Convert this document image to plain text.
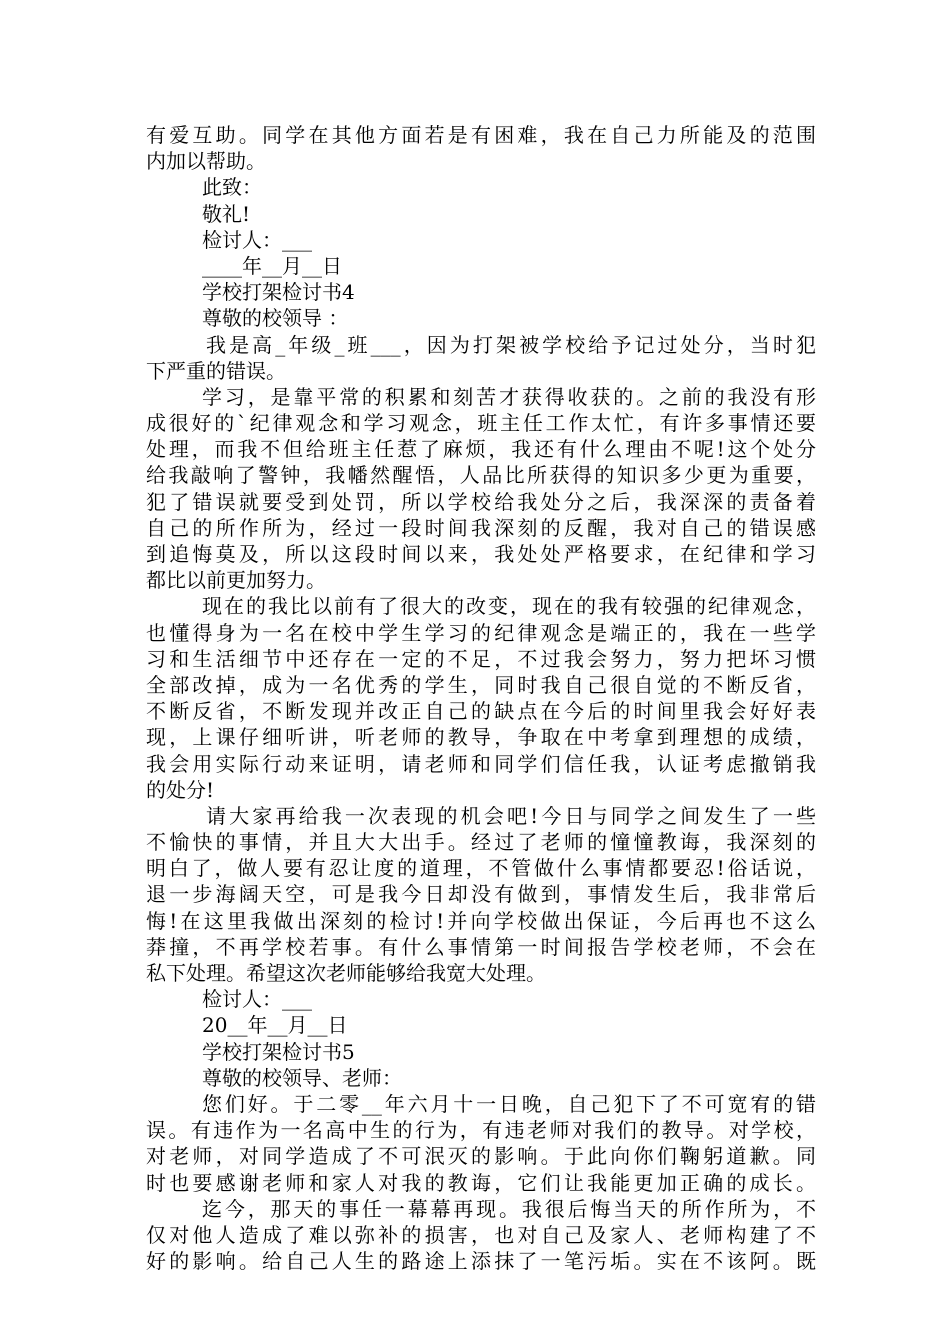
有爱互助。同学在其他方面若是有困难，我在自己力所能及的范围
内加以帮助。
此致：
敬礼!
检讨人：___
____年__月__日
学校打架检讨书4
尊敬的校领导 ：
我是高_年级_班___，因为打架被学校给予记过处分，当时犯
下严重的错误。
学习，是靠平常的积累和刻苦才获得收获的。之前的我没有形
成很好的`纪律观念和学习观念，班主任工作太忙，有许多事情还要
处理，而我不但给班主任惹了麻烦，我还有什么理由不呢!这个处分
给我敲响了警钟，我幡然醒悟，人品比所获得的知识多少更为重要，
犯了错误就要受到处罚，所以学校给我处分之后，我深深的责备着
自己的所作所为，经过一段时间我深刻的反醒，我对自己的错误感
到追悔莫及，所以这段时间以来，我处处严格要求，在纪律和学习
都比以前更加努力。
现在的我比以前有了很大的改变，现在的我有较强的纪律观念，
也懂得身为一名在校中学生学习的纪律观念是端正的，我在一些学
习和生活细节中还存在一定的不足，不过我会努力，努力把坏习惯
全部改掉，成为一名优秀的学生，同时我自己很自觉的不断反省，
不断反省，不断发现并改正自己的缺点在今后的时间里我会好好表
现，上课仔细听讲，听老师的教导，争取在中考拿到理想的成绩，
我会用实际行动来证明，请老师和同学们信任我，认证考虑撤销我
的处分!
请大家再给我一次表现的机会吧!今日与同学之间发生了一些
不愉快的事情，并且大大出手。经过了老师的憧憧教诲，我深刻的
明白了，做人要有忍让度的道理，不管做什么事情都要忍!俗话说，
退一步海阔天空，可是我今日却没有做到，事情发生后，我非常后
悔!在这里我做出深刻的检讨!并向学校做出保证，今后再也不这么
莽撞，不再学校若事。有什么事情第一时间报告学校老师，不会在
私下处理。希望这次老师能够给我宽大处理。
检讨人：___
20__年__月__日
学校打架检讨书5
尊敬的校领导、老师：
您们好。于二零__年六月十一日晚，自己犯下了不可宽宥的错
误。有违作为一名高中生的行为，有违老师对我们的教导。对学校，
对老师，对同学造成了不可泯灭的影响。于此向你们鞠躬道歉。同
时也要感谢老师和家人对我的教诲，它们让我能更加正确的成长。
迄今，那天的事任一幕幕再现。我很后悔当天的所作所为，不
仅对他人造成了难以弥补的损害，也对自己及家人、老师构建了不
好的影响。给自己人生的路途上添抹了一笔污垢。实在不该阿。既
